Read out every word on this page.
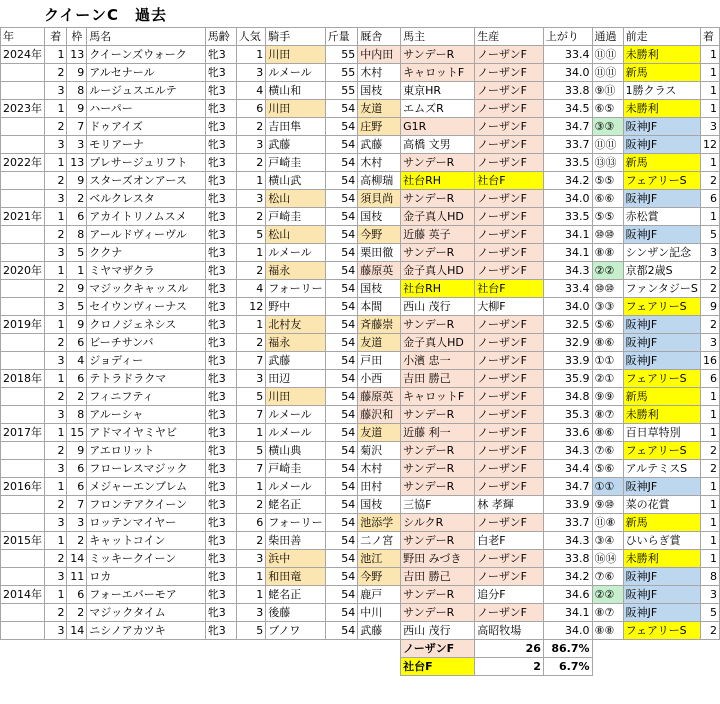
クイーンC　過去
年	着	枠	馬名	馬齢	人気	騎手	斤量	厩舎	馬主	生産	上がり	通過	前走	着
2024年	1	13	クイーンズウォーク	牝3	1	川田	55	中内田	サンデーR	ノーザンF	33.4	⑪⑪	未勝利	1
	2	9	アルセナール	牝3	3	ルメール	55	木村	キャロットF	ノーザンF	34.0	⑪⑪	新馬	1
	3	8	ルージュスエルテ	牝3	4	横山和	55	国枝	東京HR	ノーザンF	33.8	⑨⑪	1勝クラス	1
2023年	1	9	ハーパー	牝3	6	川田	54	友道	エムズR	ノーザンF	34.5	⑥⑤	未勝利	1
	2	7	ドゥアイズ	牝3	2	吉田隼	54	庄野	G1R	ノーザンF	34.7	③③	阪神JF	3
	3	3	モリアーナ	牝3	3	武藤	54	武藤	高橋 文男	ノーザンF	33.7	⑪⑪	阪神JF	12
2022年	1	13	プレサージュリフト	牝3	2	戸崎圭	54	木村	サンデーR	ノーザンF	33.5	⑬⑬	新馬	1
	2	9	スターズオンアース	牝3	1	横山武	54	高柳瑞	社台RH	社台F	34.2	⑤⑤	フェアリーS	2
	3	2	ベルクレスタ	牝3	3	松山	54	須貝尚	サンデーR	ノーザンF	34.0	⑥⑥	阪神JF	6
2021年	1	6	アカイトリノムスメ	牝3	2	戸崎圭	54	国枝	金子真人HD	ノーザンF	33.5	⑤⑤	赤松賞	1
	2	8	アールドヴィーヴル	牝3	5	松山	54	今野	近藤 英子	ノーザンF	34.1	⑩⑩	阪神JF	5
	3	5	ククナ	牝3	1	ルメール	54	栗田徹	サンデーR	ノーザンF	34.1	⑧⑧	シンザン記念	3
2020年	1	1	ミヤマザクラ	牝3	2	福永	54	藤原英	金子真人HD	ノーザンF	34.3	②②	京都2歳S	2
	2	9	マジックキャッスル	牝3	4	フォーリー	54	国枝	社台RH	社台F	33.4	⑩⑩	ファンタジーS	2
	3	5	セイウンヴィーナス	牝3	12	野中	54	本間	西山 茂行	大柳F	34.0	③③	フェアリーS	9
2019年	1	9	クロノジェネシス	牝3	1	北村友	54	斉藤崇	サンデーR	ノーザンF	32.5	⑤⑥	阪神JF	2
	2	6	ビーチサンバ	牝3	2	福永	54	友道	金子真人HD	ノーザンF	32.9	⑧⑥	阪神JF	3
	3	4	ジョディー	牝3	7	武藤	54	戸田	小濱 忠一	ノーザンF	33.9	①①	阪神JF	16
2018年	1	6	テトラドラクマ	牝3	3	田辺	54	小西	吉田 勝己	ノーザンF	35.9	②①	フェアリーS	6
	2	2	フィニフティ	牝3	5	川田	54	藤原英	キャロットF	ノーザンF	34.8	⑨⑨	新馬	1
	3	8	アルーシャ	牝3	7	ルメール	54	藤沢和	サンデーR	ノーザンF	35.3	⑧⑦	未勝利	1
2017年	1	15	アドマイヤミヤビ	牝3	1	ルメール	54	友道	近藤 利一	ノーザンF	33.6	⑧⑥	百日草特別	1
	2	9	アエロリット	牝3	5	横山典	54	菊沢	サンデーR	ノーザンF	34.3	⑦⑥	フェアリーS	2
	3	6	フローレスマジック	牝3	7	戸崎圭	54	木村	サンデーR	ノーザンF	34.4	⑤⑥	アルテミスS	2
2016年	1	6	メジャーエンブレム	牝3	1	ルメール	54	田村	サンデーR	ノーザンF	34.7	①①	阪神JF	1
	2	7	フロンテアクイーン	牝3	2	蛯名正	54	国枝	三協F	林 孝輝	33.9	⑨⑩	菜の花賞	1
	3	3	ロッテンマイヤー	牝3	6	フォーリー	54	池添学	シルクR	ノーザンF	33.7	⑪⑧	新馬	1
2015年	1	2	キャットコイン	牝3	2	柴田善	54	二ノ宮	サンデーR	白老F	34.3	③④	ひいらぎ賞	1
	2	14	ミッキークイーン	牝3	3	浜中	54	池江	野田 みづき	ノーザンF	33.8	⑯⑭	未勝利	1
	3	11	ロカ	牝3	1	和田竜	54	今野	吉田 勝己	ノーザンF	34.2	⑦⑥	阪神JF	8
2014年	1	6	フォーエバーモア	牝3	1	蛯名正	54	鹿戸	サンデーR	追分F	34.6	②②	阪神JF	3
	2	2	マジックタイム	牝3	3	後藤	54	中川	サンデーR	ノーザンF	34.1	⑧⑦	阪神JF	5
	3	14	ニシノアカツキ	牝3	5	ブノワ	54	武藤	西山 茂行	高昭牧場	34.0	⑧⑧	フェアリーS	2
									ノーザンF	26	86.7%			
									社台F	2	6.7%			
